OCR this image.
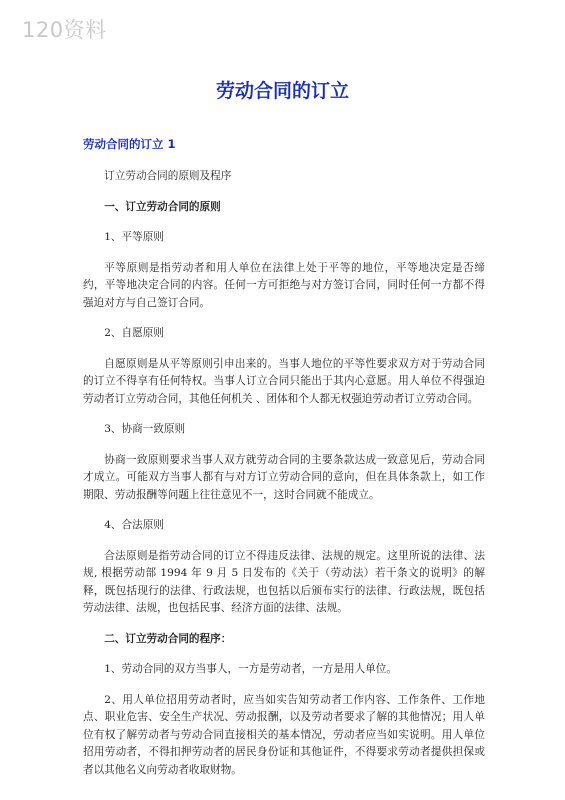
120资料
劳动合同的订立
劳动合同的订立 1

订立劳动合同的原则及程序

一、订立劳动合同的原则

1、平等原则

平等原则是指劳动者和用人单位在法律上处于平等的地位，平等地决定是否缔约，平等地决定合同的内容。任何一方可拒绝与对方签订合同，同时任何一方都不得强迫对方与自己签订合同。

2、自愿原则

自愿原则是从平等原则引申出来的。当事人地位的平等性要求双方对于劳动合同的订立不得享有任何特权。当事人订立合同只能出于其内心意愿。用人单位不得强迫劳动者订立劳动合同，其他任何机关 、团体和个人都无权强迫劳动者订立劳动合同。

3、协商一致原则

协商一致原则要求当事人双方就劳动合同的主要条款达成一致意见后，劳动合同才成立。可能双方当事人都有与对方订立劳动合同的意向，但在具体条款上，如工作期限、劳动报酬等问题上往往意见不一，这时合同就不能成立。

4、合法原则

合法原则是指劳动合同的订立不得违反法律、法规的规定。这里所说的法律、法规, 根据劳动部 1994 年 9 月 5 日发布的《关于（劳动法）若干条文的说明》的解释，既包括现行的法律、行政法规，也包括以后颁布实行的法律、行政法规，既包括劳动法律、法规，也包括民事、经济方面的法律、法规。

二、订立劳动合同的程序：

1、劳动合同的双方当事人，一方是劳动者，一方是用人单位。

2、用人单位招用劳动者时，应当如实告知劳动者工作内容、工作条件、工作地点、职业危害、安全生产状况、劳动报酬，以及劳动者要求了解的其他情况；用人单位有权了解劳动者与劳动合同直接相关的基本情况，劳动者应当如实说明。用人单位招用劳动者，不得扣押劳动者的居民身份证和其他证件，不得要求劳动者提供担保或者以其他名义向劳动者收取财物。
